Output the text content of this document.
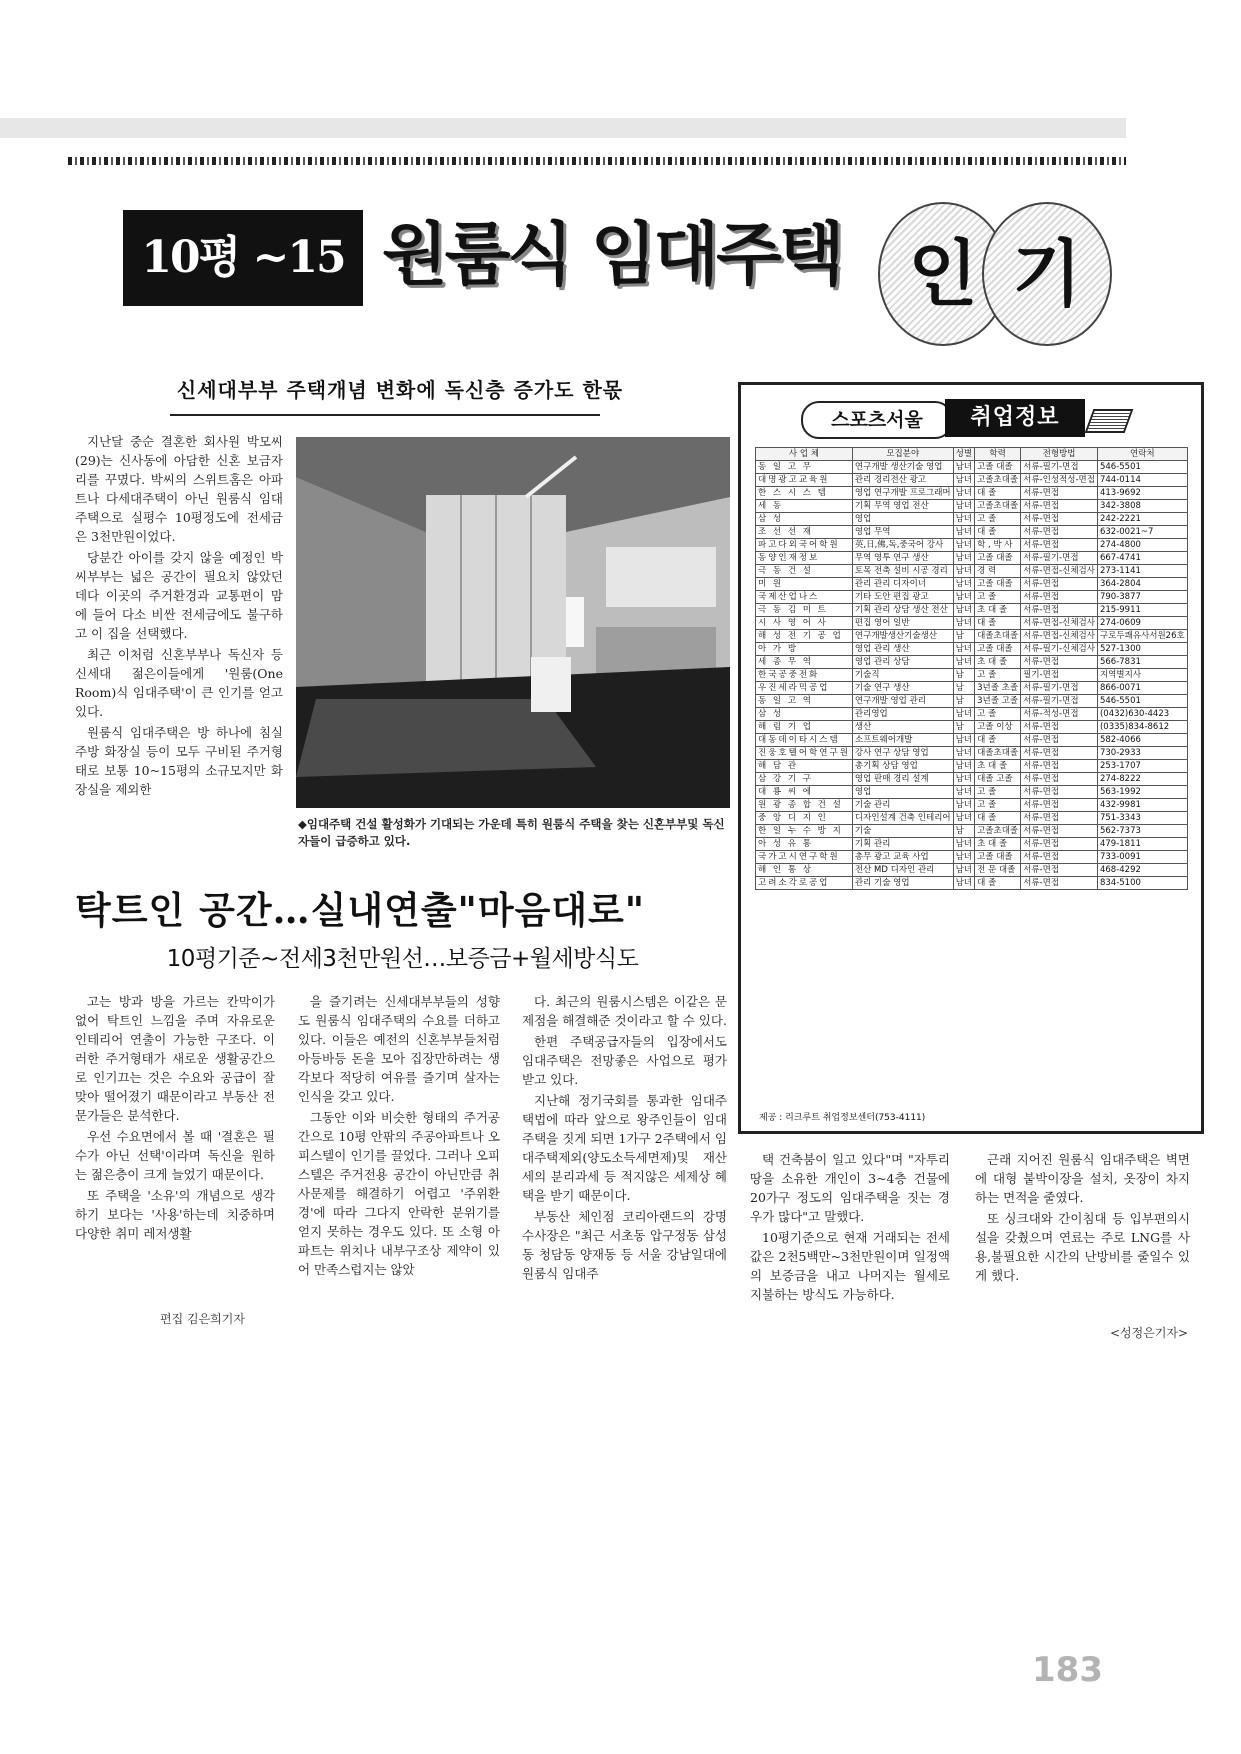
10평 ~15평
원룸식 임대주택 인 기
신세대부부 주택개념 변화에 독신층 증가도 한몫

지난달 중순 결혼한 회사원 박모씨(29)는 신사동에 아담한 신혼 보금자리를 꾸몄다. 박씨의 스위트홈은 아파트나 다세대주택이 아닌 원룸식 임대주택으로 실평수 10평정도에 전세금은 3천만원이었다.

당분간 아이를 갖지 않을 예정인 박씨부부는 넓은 공간이 필요치 않았던 데다 이곳의 주거환경과 교통편이 맘에 들어 다소 비싼 전세금에도 불구하고 이 집을 선택했다.

최근 이처럼 신혼부부나 독신자 등 신세대 젊은이들에게 '원룸(One Room)식 임대주택'이 큰 인기를 얻고 있다.

원룸식 임대주택은 방 하나에 침실 주방 화장실 등이 모두 구비된 주거형태로 보통 10~15평의 소규모지만 화장실을 제외한

◆임대주택 건설 활성화가 기대되는 가운데 특히 원룸식 주택을 찾는 신혼부부및 독신자들이 급증하고 있다.
탁트인 공간…실내연출"마음대로"
10평기준~전세3천만원선…보증금+월세방식도

고는 방과 방을 가르는 칸막이가 없어 탁트인 느낌을 주며 자유로운 인테리어 연출이 가능한 구조다. 이러한 주거형태가 새로운 생활공간으로 인기끄는 것은 수요와 공급이 잘 맞아 떨어졌기 때문이라고 부동산 전문가들은 분석한다.

우선 수요면에서 볼 때 '결혼은 필수가 아닌 선택'이라며 독신을 원하는 젊은층이 크게 늘었기 때문이다.

또 주택을 '소유'의 개념으로 생각하기 보다는 '사용'하는데 치중하며 다양한 취미 레저생활

편집 김은희기자

을 즐기려는 신세대부부들의 성향도 원룸식 임대주택의 수요를 더하고 있다. 이들은 예전의 신혼부부들처럼 아등바등 돈을 모아 집장만하려는 생각보다 적당히 여유를 즐기며 살자는 인식을 갖고 있다.

그동안 이와 비슷한 형태의 주거공간으로 10평 안팎의 주공아파트나 오피스텔이 인기를 끌었다. 그러나 오피스텔은 주거전용 공간이 아닌만큼 취사문제를 해결하기 어렵고 '주위환경'에 따라 그다지 안락한 분위기를 얻지 못하는 경우도 있다. 또 소형 아파트는 위치나 내부구조상 제약이 있어 만족스럽지는 않았

다. 최근의 원룸시스템은 이같은 문제점을 해결해준 것이라고 할 수 있다.

한편 주택공급자들의 입장에서도 임대주택은 전망좋은 사업으로 평가받고 있다.

지난해 정기국회를 통과한 임대주택법에 따라 앞으로 왕주인들이 임대주택을 짓게 되면 1가구 2주택에서 임대주택제외(양도소득세면제)및 재산세의 분리과세 등 적지않은 세제상 혜택을 받기 때문이다.

부동산 체인점 코리아랜드의 강명수사장은 "최근 서초동 압구정동 삼성동 청담동 양재동 등 서울 강남일대에 원룸식 임대주

택 건축붐이 일고 있다"며 "자투리땅을 소유한 개인이 3~4층 건물에 20가구 정도의 임대주택을 짓는 경우가 많다"고 말했다.

10평기준으로 현재 거래되는 전세값은 2천5백만~3천만원이며 일정액의 보증금을 내고 나머지는 월세로 지불하는 방식도 가능하다.

근래 지어진 원룸식 임대주택은 벽면에 대형 붙박이장을 설치, 옷장이 차지하는 면적을 줄였다.

또 싱크대와 간이침대 등 입부편의시설을 갖췄으며 연료는 주로 LNG를 사용,불필요한 시간의 난방비를 줄일수 있게 했다.

<성정은기자>
스포츠서울	취업정보
사 업 체	모집분야	성별	학력	전형방법	연락처
동 일 고 무	연구개발 생산기술 영업	남녀	고졸 대졸	서류-필기-면접	546-5501
대명광고교육원	관리 경리전산 광고	남녀	고졸초대졸	서류-인성적성-면접	744-0114
한 스 시 스 템	영업 연구개발 프로그래머	남녀	대 졸	서류-면접	413-9692
세 동	기획 무역 영업 전산	남녀	고졸초대졸	서류-면접	342-3808
삼 성	영업	남녀	고 졸	서류-면접	242-2221
조 선 선 재	영업 무역	남녀	대 졸	서류-면접	632-0021~7
파고다외국어학원	英,日,佛,독,중국어 강사	남녀	학 , 박 사	서류-면접	274-4800
동양인재정보	무역 영투 연구 생산	남녀	고졸 대졸	서류-필기-면접	667-4741
극 동 건 설	토목 전축 설비 시공 경리	남녀	경 력	서류-면접-신체검사	273-1141
미 원	관리 관리 디자이너	남녀	고졸 대졸	서류-면접	364-2804
국제산업나스	기타 도안 편집 광고	남녀	고 졸	서류-면접	790-3877
극 동 김 미 트	기획 관리 상담 생산 전산	남녀	초 대 졸	서류-면접	215-9911
시 사 영 어 사	편집 영어 일반	남녀	대 졸	서류-면접-신체검사	274-0609
해 성 전 기 공 업	연구개발생산기술생산	남	대졸초대졸	서류-면접-신체검사	구로두쾌유사서원26호
아 가 방	영업 관리 생산	남녀	고졸 대졸	서류-필기-신체검사	527-1300
세 종 무 역	영업 관리 상담	남녀	초 대 졸	서류-면접	566-7831
한국공중전화	기술직	남	고 졸	필기-면접	지역별지사
우진세라믹공업	기술 연구 생산	남	3년졸 초졸	서류-필기-면접	866-0071
동 일 고 역	연구개발 영업 관리	남	3년졸 고졸	서류-필기-면접	546-5501
삼 성	관리영업	남녀	고 졸	서류-적성-면접	(0432)630-4423
해 림 기 업	생산	남	고졸 이상	서류-면접	(0335)834-8612
대동데이타시스템	소프트웨어개발	남녀	대 졸	서류-면접	582-4066
진웅호텔어학연구원	강사 연구 상담 영업	남녀	대졸초대졸	서류-면접	730-2933
해 담 관	총기획 상담 영업	남녀	초 대 졸	서류-면접	253-1707
삼 강 기 구	영업 판매 경리 설계	남녀	대졸 고졸	서류-면접	274-8222
대 룡 씨 에	영업	남녀	고 졸	서류-면접	563-1992
원 광 종 합 건 설	기술 관리	남녀	고 졸	서류-면접	432-9981
중 앙 디 지 인	디자인설계 건축 인테리어	남녀	대 졸	서류-면접	751-3343
한 일 누 수 방 지	기술	남	고졸초대졸	서류-면접	562-7373
아 성 유 통	기획 관리	남녀	초 대 졸	서류-면접	479-1811
국가고시연구학원	총무 광고 교육 사업	남녀	고졸 대졸	서류-면접	733-0091
해 인 통 상	전산 MD 디자인 관리	남녀	전 문 대졸	서류-면접	468-4292
고려소각로공업	관리 기술 영업	남녀	대 졸	서류-면접	834-5100
제공 : 리크루트 취업정보센터(753-4111)
183
